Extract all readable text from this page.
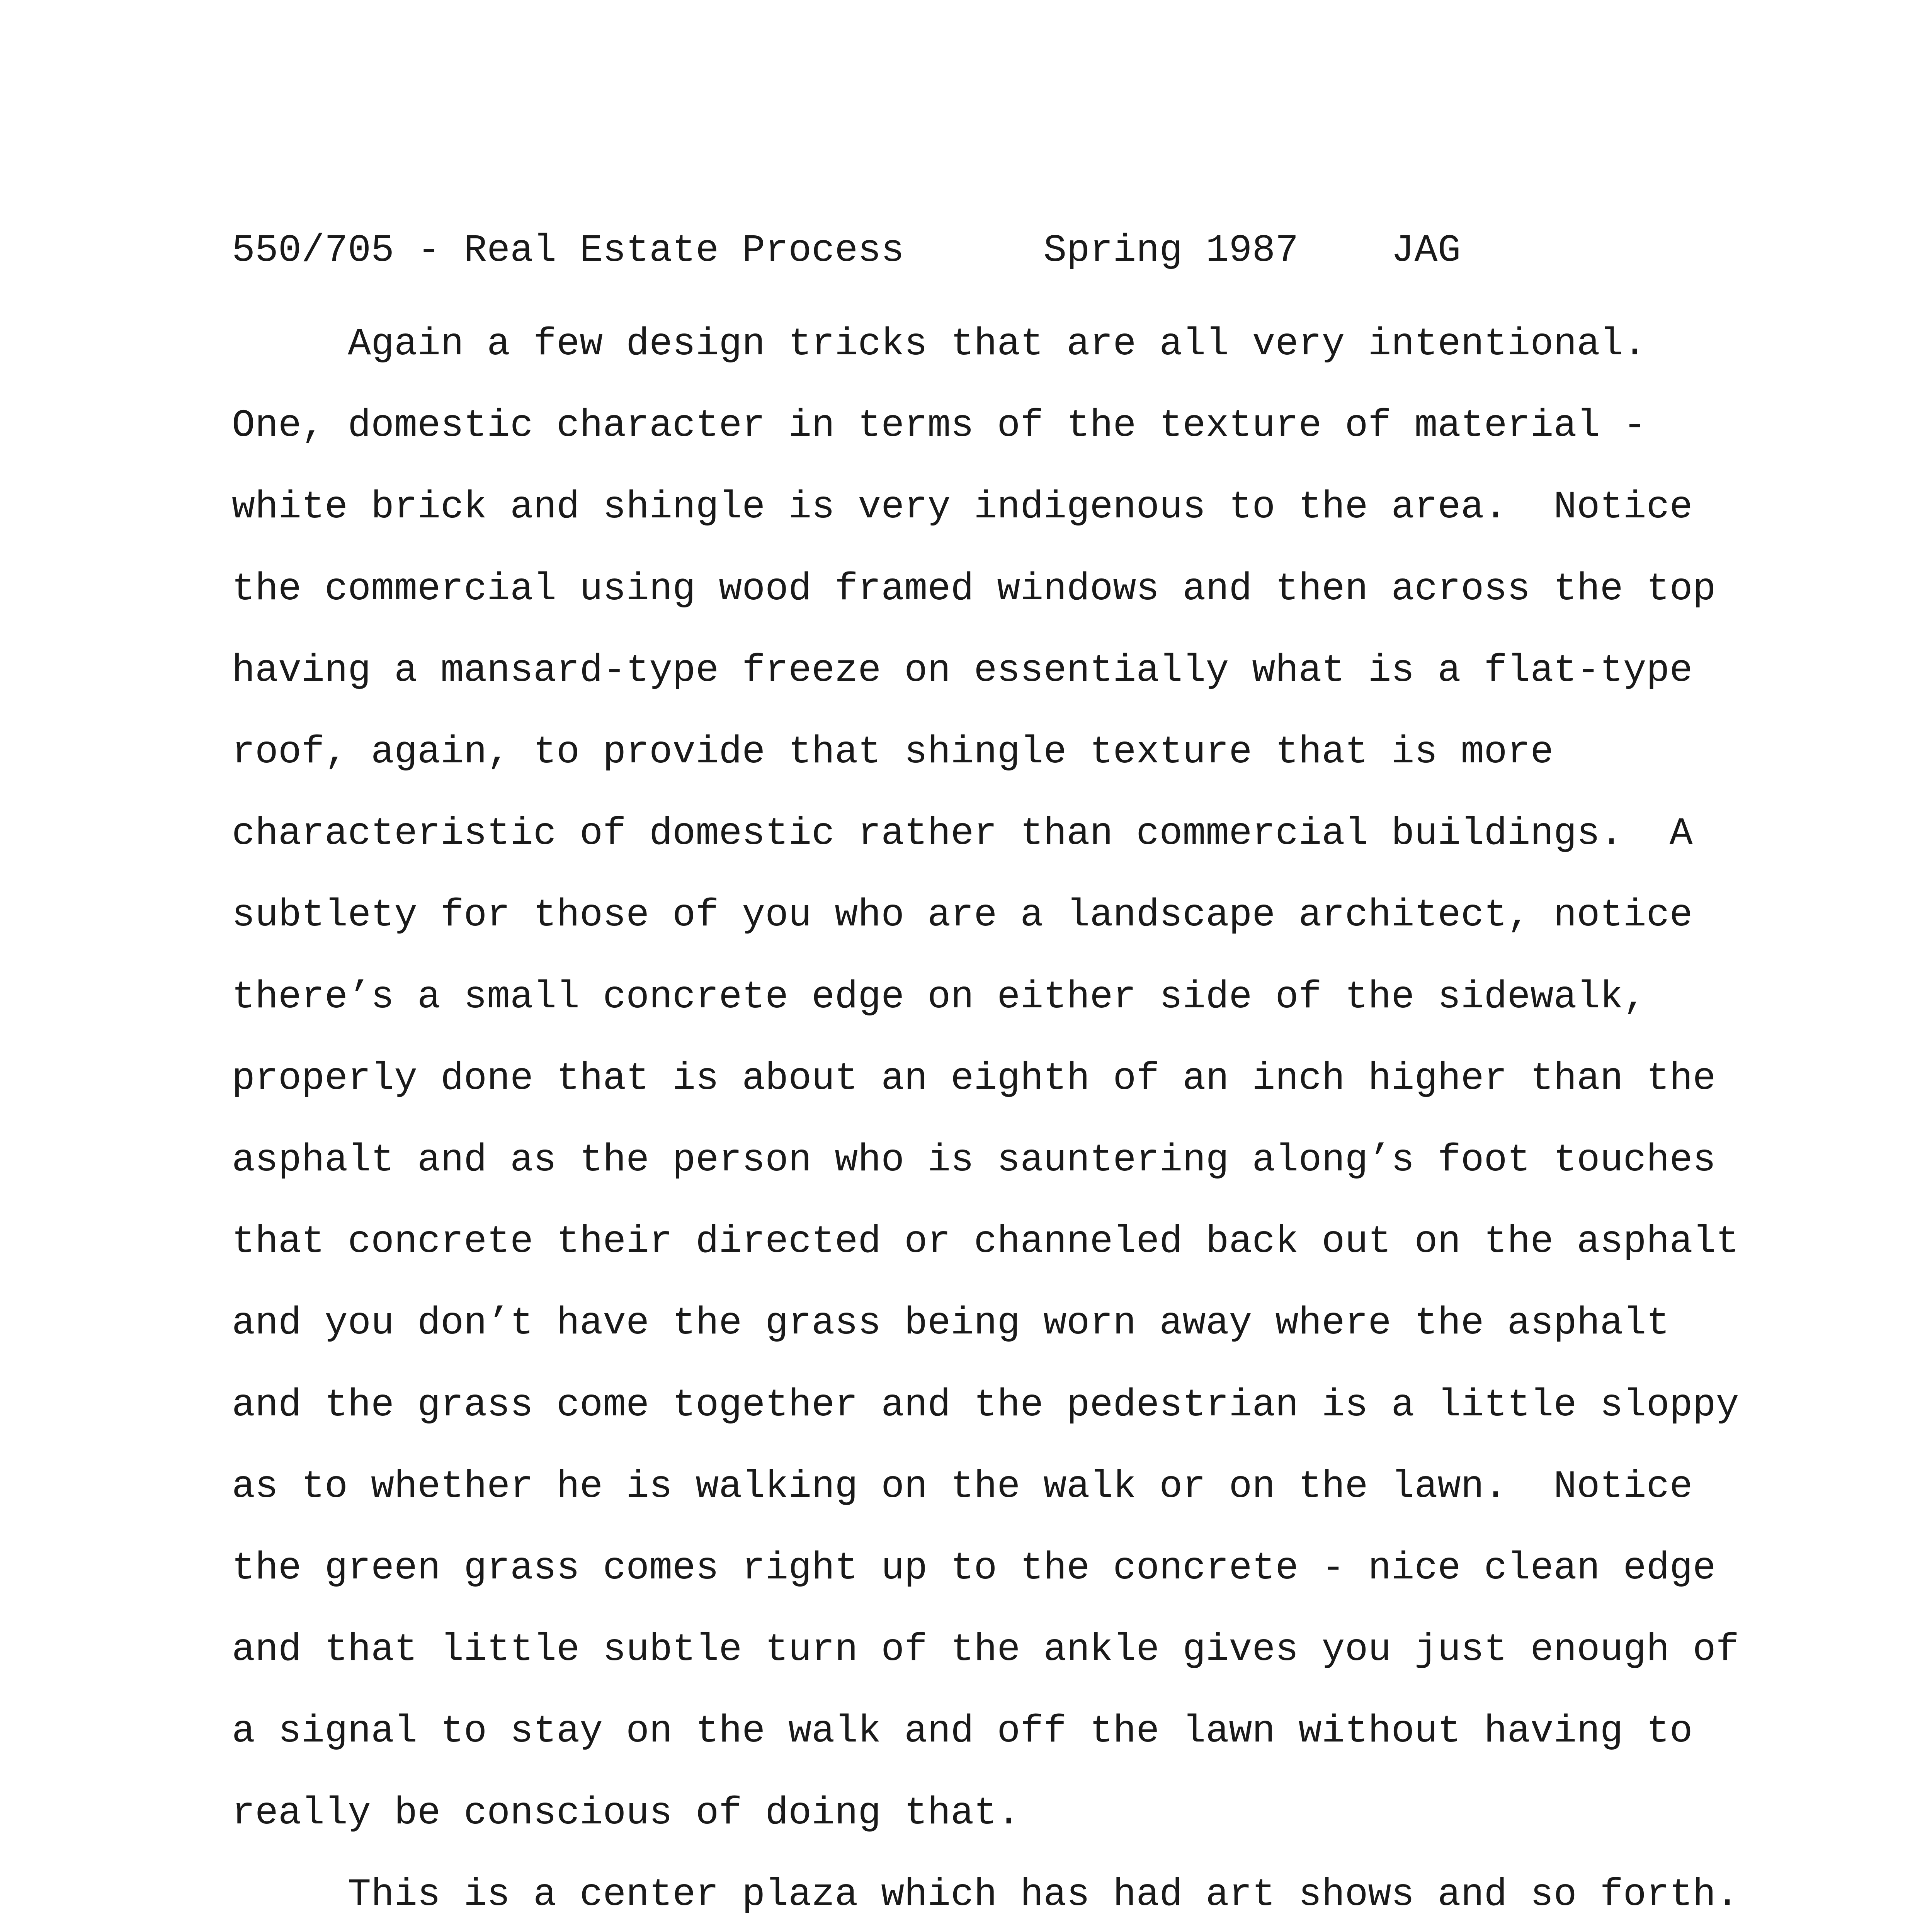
550/705 - Real Estate Process      Spring 1987    JAG

Again a few design tricks that are all very intentional.
One, domestic character in terms of the texture of material -
white brick and shingle is very indigenous to the area.  Notice
the commercial using wood framed windows and then across the top
having a mansard-type freeze on essentially what is a flat-type
roof, again, to provide that shingle texture that is more
characteristic of domestic rather than commercial buildings.  A
subtlety for those of you who are a landscape architect, notice
there’s a small concrete edge on either side of the sidewalk,
properly done that is about an eighth of an inch higher than the
asphalt and as the person who is sauntering along’s foot touches
that concrete their directed or channeled back out on the asphalt
and you don’t have the grass being worn away where the asphalt
and the grass come together and the pedestrian is a little sloppy
as to whether he is walking on the walk or on the lawn.  Notice
the green grass comes right up to the concrete - nice clean edge
and that little subtle turn of the ankle gives you just enough of
a signal to stay on the walk and off the lawn without having to
really be conscious of doing that.

This is a center plaza which has had art shows and so forth.
